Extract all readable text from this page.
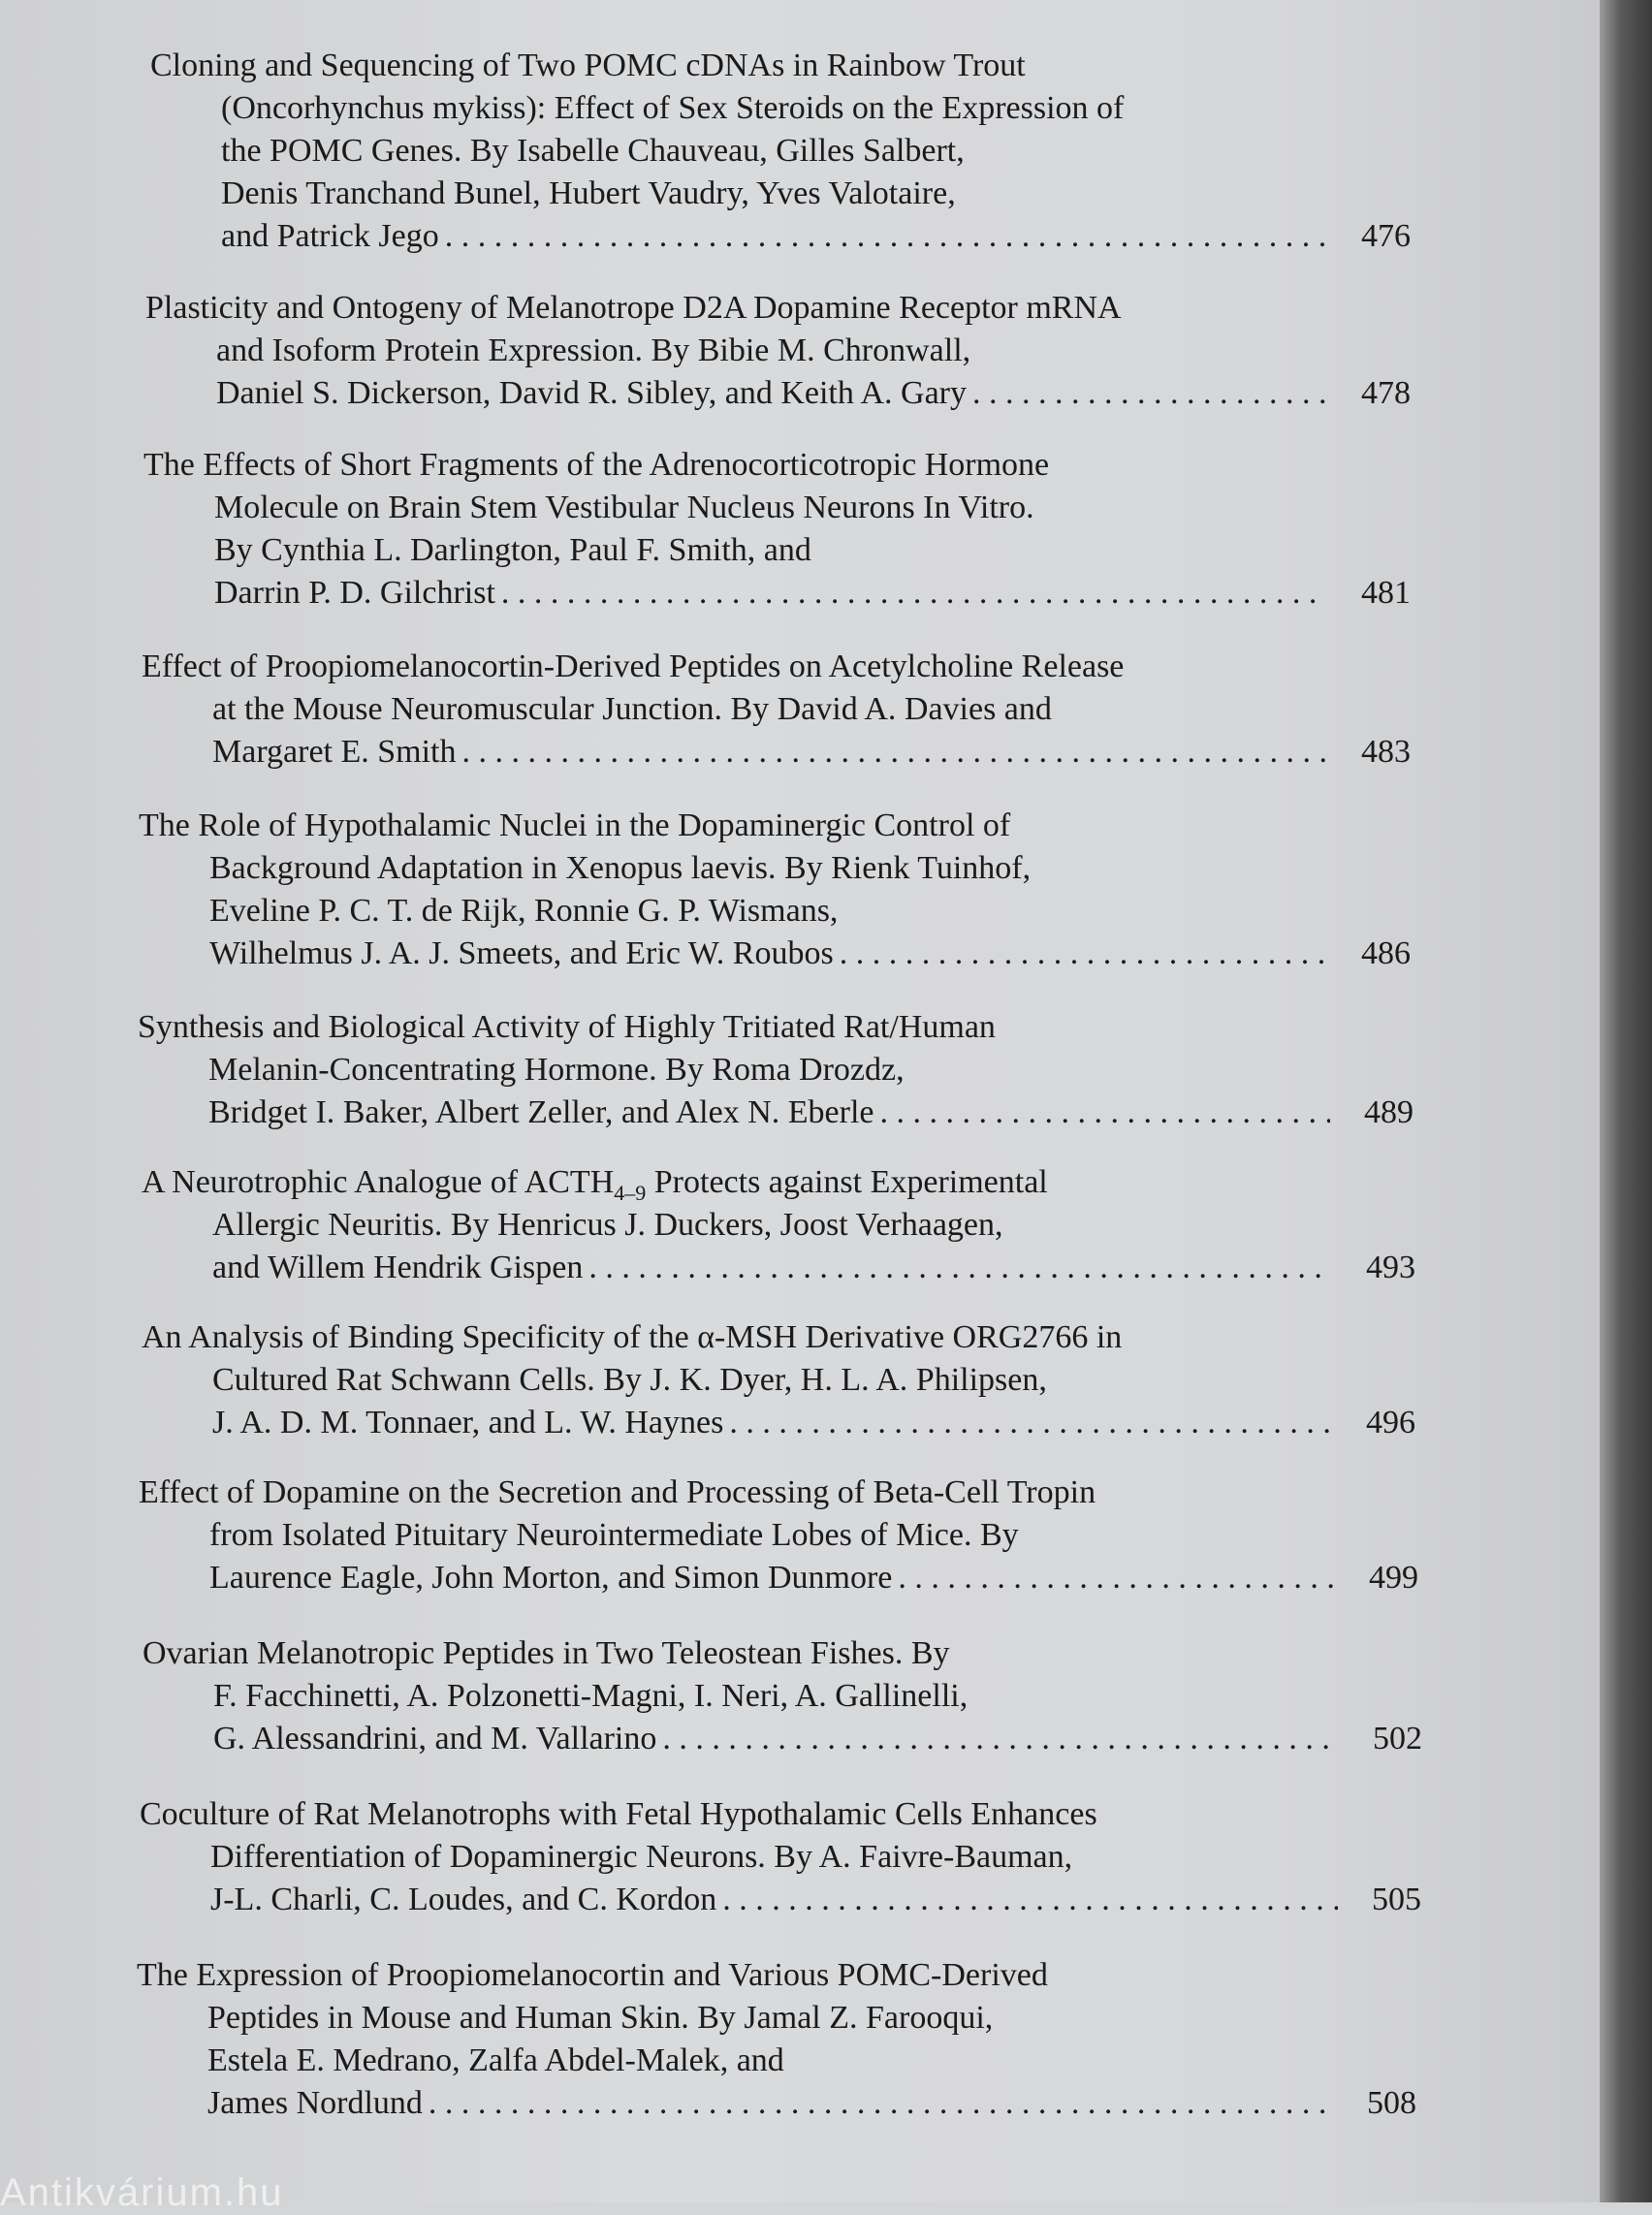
Cloning and Sequencing of Two POMC cDNAs in Rainbow Trout
(Oncorhynchus mykiss): Effect of Sex Steroids on the Expression of
the POMC Genes. By Isabelle Chauveau, Gilles Salbert,
Denis Tranchand Bunel, Hubert Vaudry, Yves Valotaire,
and Patrick Jego . . .	476
Plasticity and Ontogeny of Melanotrope D2A Dopamine Receptor mRNA
and Isoform Protein Expression. By Bibie M. Chronwall,
Daniel S. Dickerson, David R. Sibley, and Keith A. Gary . . .	478
The Effects of Short Fragments of the Adrenocorticotropic Hormone
Molecule on Brain Stem Vestibular Nucleus Neurons In Vitro.
By Cynthia L. Darlington, Paul F. Smith, and
Darrin P. D. Gilchrist . . .	481
Effect of Proopiomelanocortin-Derived Peptides on Acetylcholine Release
at the Mouse Neuromuscular Junction. By David A. Davies and
Margaret E. Smith . . .	483
The Role of Hypothalamic Nuclei in the Dopaminergic Control of
Background Adaptation in Xenopus laevis. By Rienk Tuinhof,
Eveline P. C. T. de Rijk, Ronnie G. P. Wismans,
Wilhelmus J. A. J. Smeets, and Eric W. Roubos . . .	486
Synthesis and Biological Activity of Highly Tritiated Rat/Human
Melanin-Concentrating Hormone. By Roma Drozdz,
Bridget I. Baker, Albert Zeller, and Alex N. Eberle . . .	489
A Neurotrophic Analogue of $ACTH_{4-9}$ Protects against Experimental
Allergic Neuritis. By Henricus J. Duckers, Joost Verhaagen,
and Willem Hendrik Gispen . . .	493
An Analysis of Binding Specificity of the α-MSH Derivative ORG2766 in
Cultured Rat Schwann Cells. By J. K. Dyer, H. L. A. Philipsen,
J. A. D. M. Tonnaer, and L. W. Haynes . . .	496
Effect of Dopamine on the Secretion and Processing of Beta-Cell Tropin
from Isolated Pituitary Neurointermediate Lobes of Mice. By
Laurence Eagle, John Morton, and Simon Dunmore . . .	499
Ovarian Melanotropic Peptides in Two Teleostean Fishes. By
F. Facchinetti, A. Polzonetti-Magni, I. Neri, A. Gallinelli,
G. Alessandrini, and M. Vallarino . . .	502
Coculture of Rat Melanotrophs with Fetal Hypothalamic Cells Enhances
Differentiation of Dopaminergic Neurons. By A. Faivre-Bauman,
J-L. Charli, C. Loudes, and C. Kordon . . .	505
The Expression of Proopiomelanocortin and Various POMC-Derived
Peptides in Mouse and Human Skin. By Jamal Z. Farooqui,
Estela E. Medrano, Zalfa Abdel-Malek, and
James Nordlund . . .	508
Antikvárium.hu
